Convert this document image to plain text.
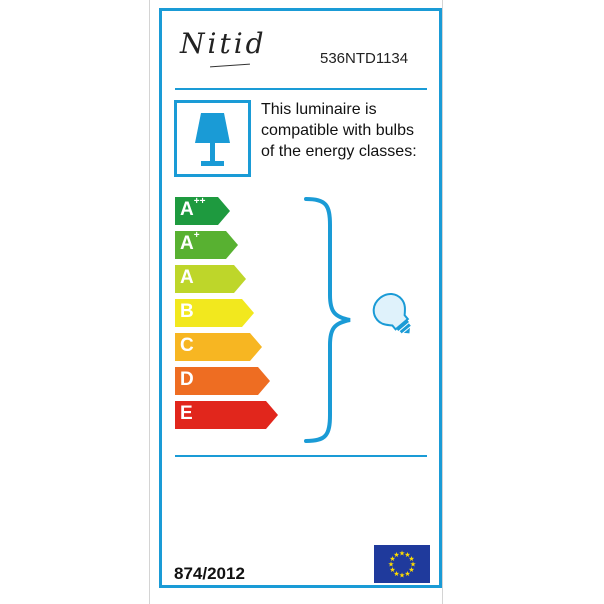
Nitid	536NTD1134
This luminaire is
compatible with bulbs
of the energy classes:
A++
A+
A
B
C
D
E
874/2012
★ ★
★
★
★
★
★
★
★
★
★
★
